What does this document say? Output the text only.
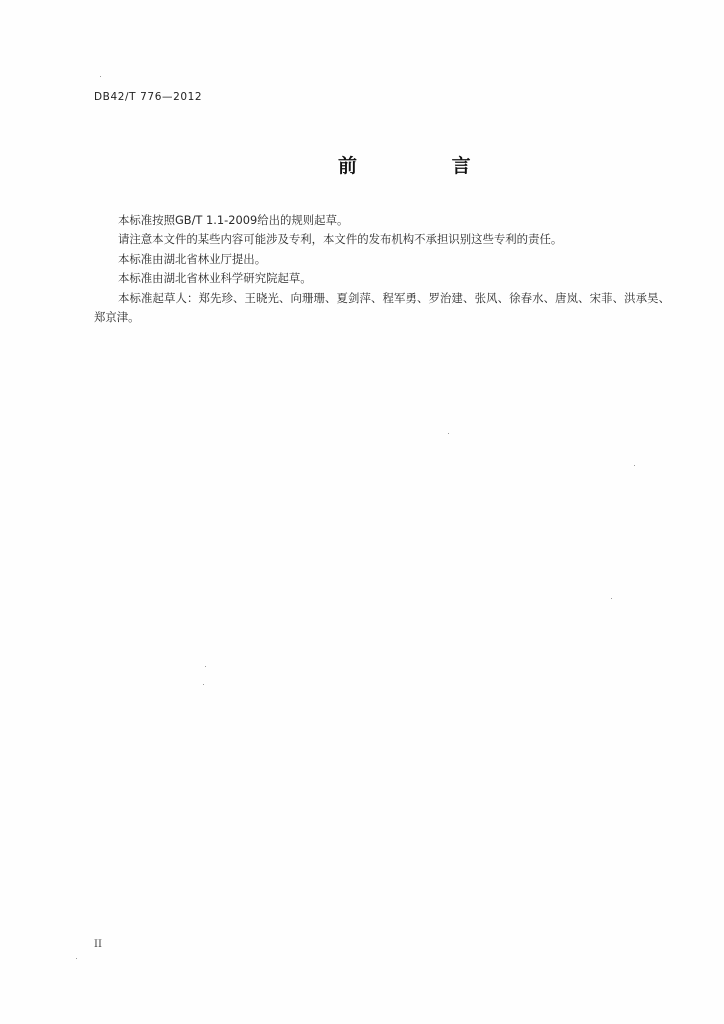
DB42/T 776—2012
前 言

本标准按照GB/T 1.1-2009给出的规则起草。

请注意本文件的某些内容可能涉及专利，本文件的发布机构不承担识别这些专利的责任。

本标准由湖北省林业厅提出。

本标准由湖北省林业科学研究院起草。

本标准起草人：郑先珍、王晓光、向珊珊、夏剑萍、程军勇、罗治建、张风、徐春水、唐岚、宋菲、洪承昊、郑京津。

II
